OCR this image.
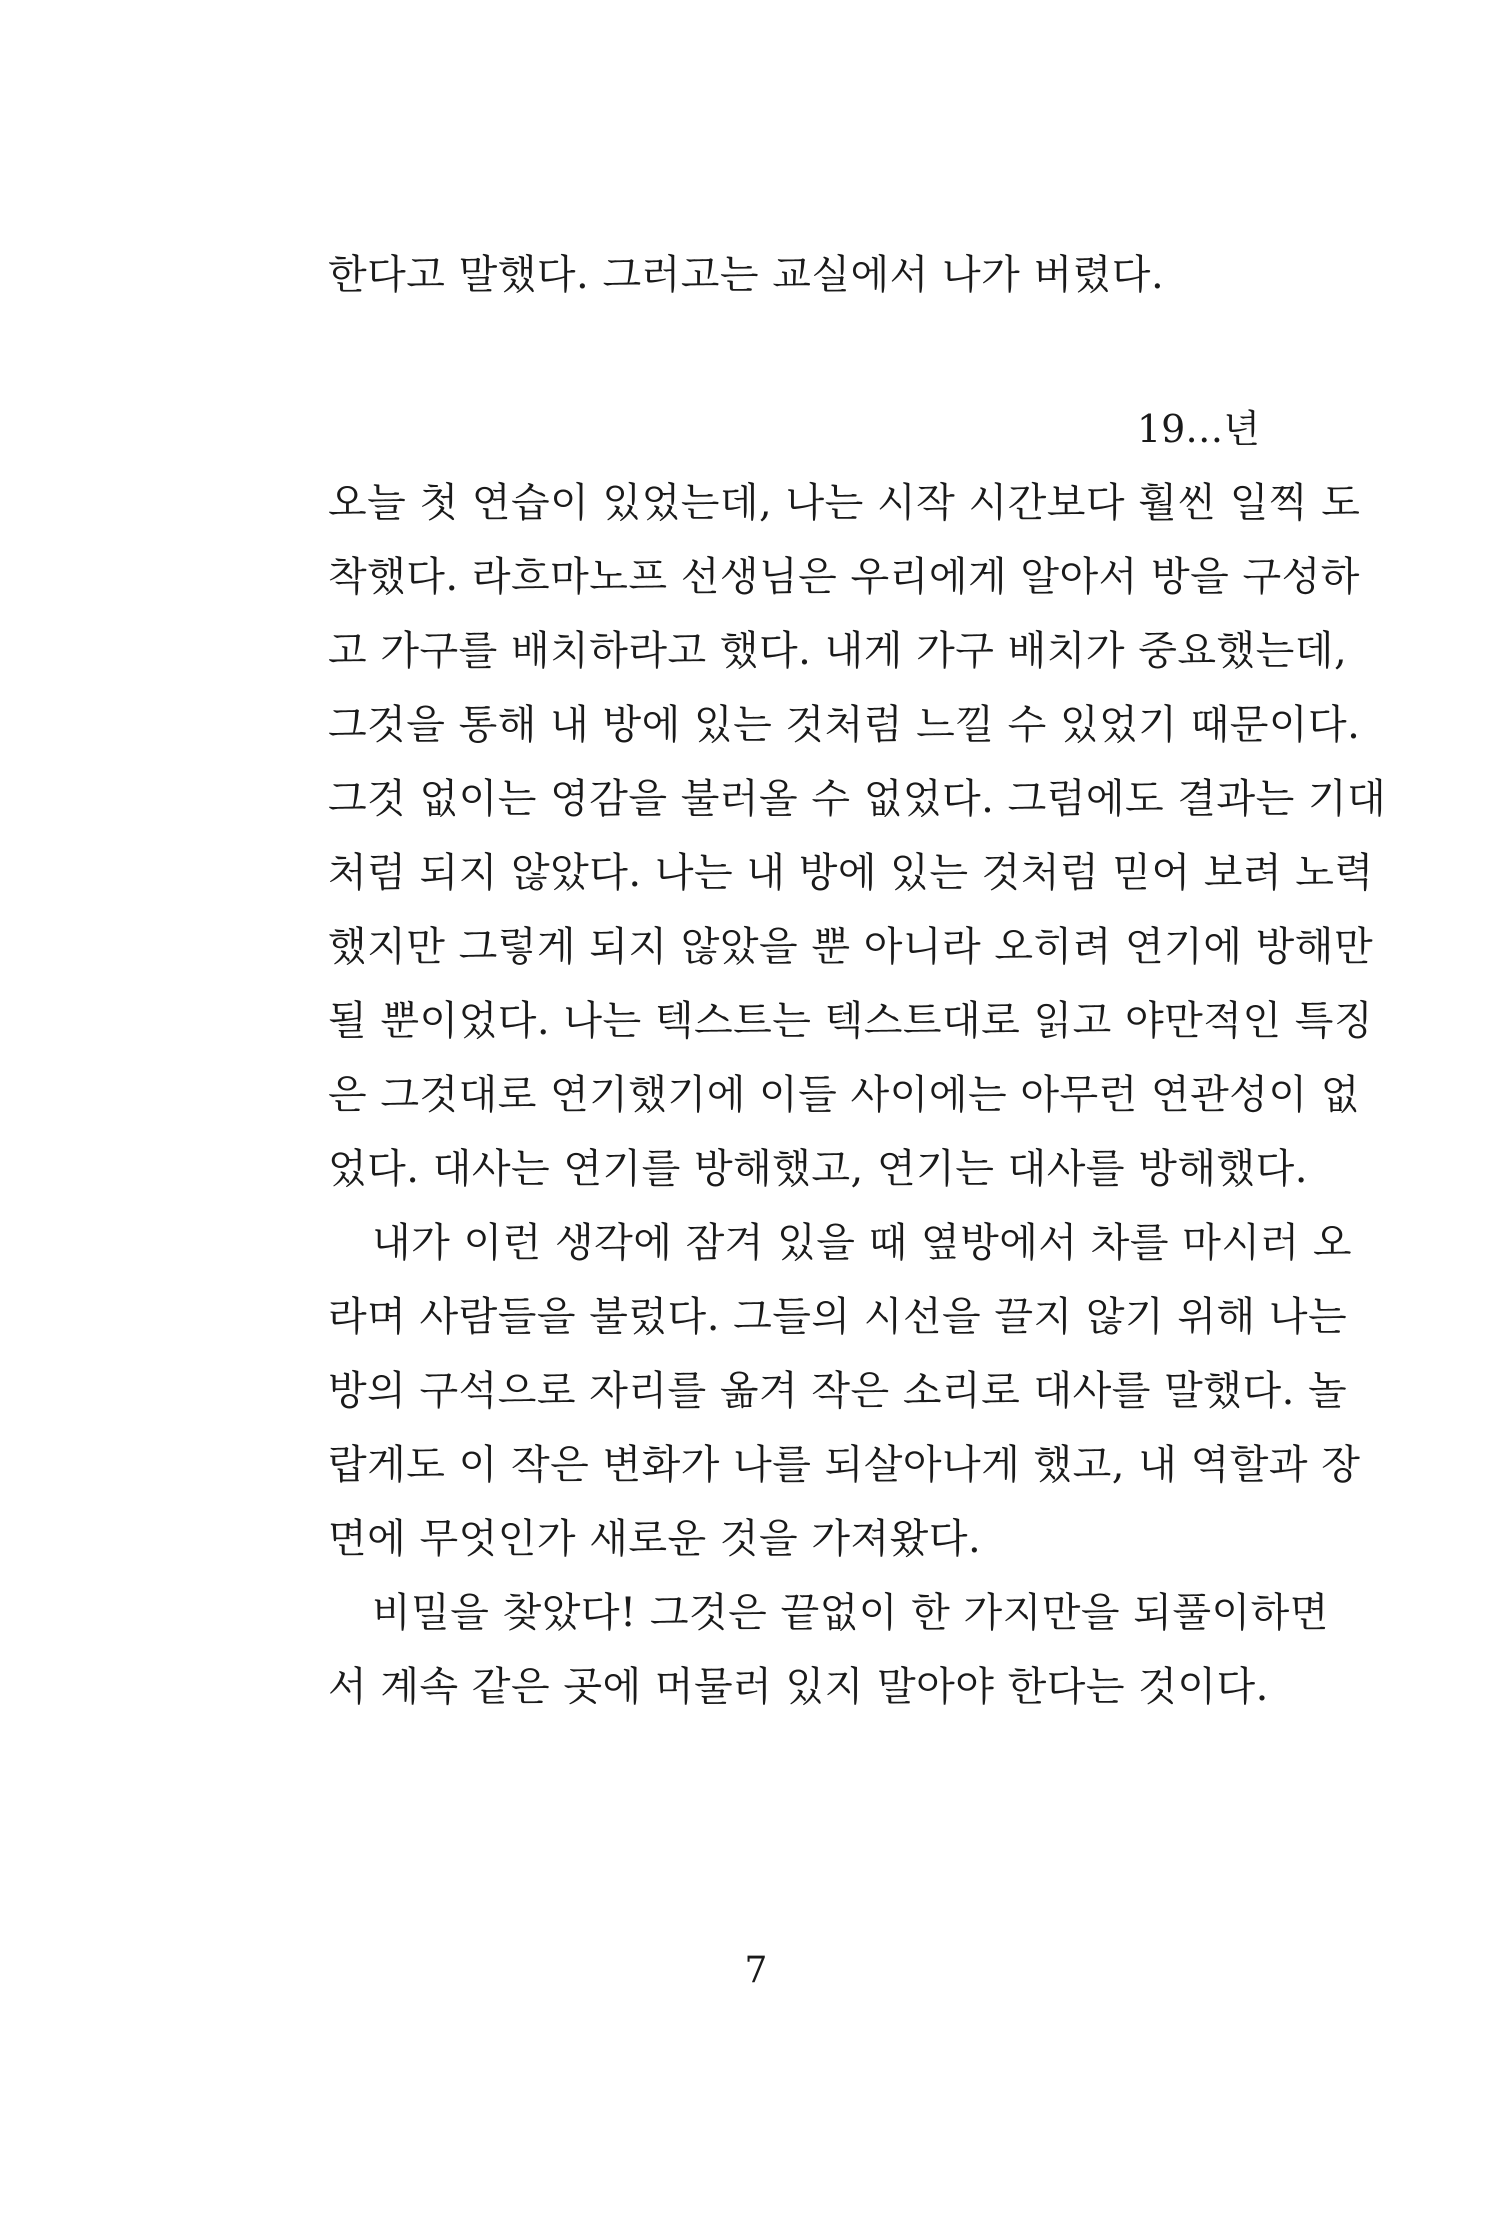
한다고 말했다. 그러고는 교실에서 나가 버렸다.
19…년
오늘 첫 연습이 있었는데, 나는 시작 시간보다 훨씬 일찍 도
착했다. 라흐마노프 선생님은 우리에게 알아서 방을 구성하
고 가구를 배치하라고 했다. 내게 가구 배치가 중요했는데,
그것을 통해 내 방에 있는 것처럼 느낄 수 있었기 때문이다.
그것 없이는 영감을 불러올 수 없었다. 그럼에도 결과는 기대
처럼 되지 않았다. 나는 내 방에 있는 것처럼 믿어 보려 노력
했지만 그렇게 되지 않았을 뿐 아니라 오히려 연기에 방해만
될 뿐이었다. 나는 텍스트는 텍스트대로 읽고 야만적인 특징
은 그것대로 연기했기에 이들 사이에는 아무런 연관성이 없
었다. 대사는 연기를 방해했고, 연기는 대사를 방해했다.
내가 이런 생각에 잠겨 있을 때 옆방에서 차를 마시러 오
라며 사람들을 불렀다. 그들의 시선을 끌지 않기 위해 나는
방의 구석으로 자리를 옮겨 작은 소리로 대사를 말했다. 놀
랍게도 이 작은 변화가 나를 되살아나게 했고, 내 역할과 장
면에 무엇인가 새로운 것을 가져왔다.
비밀을 찾았다! 그것은 끝없이 한 가지만을 되풀이하면
서 계속 같은 곳에 머물러 있지 말아야 한다는 것이다.
7
